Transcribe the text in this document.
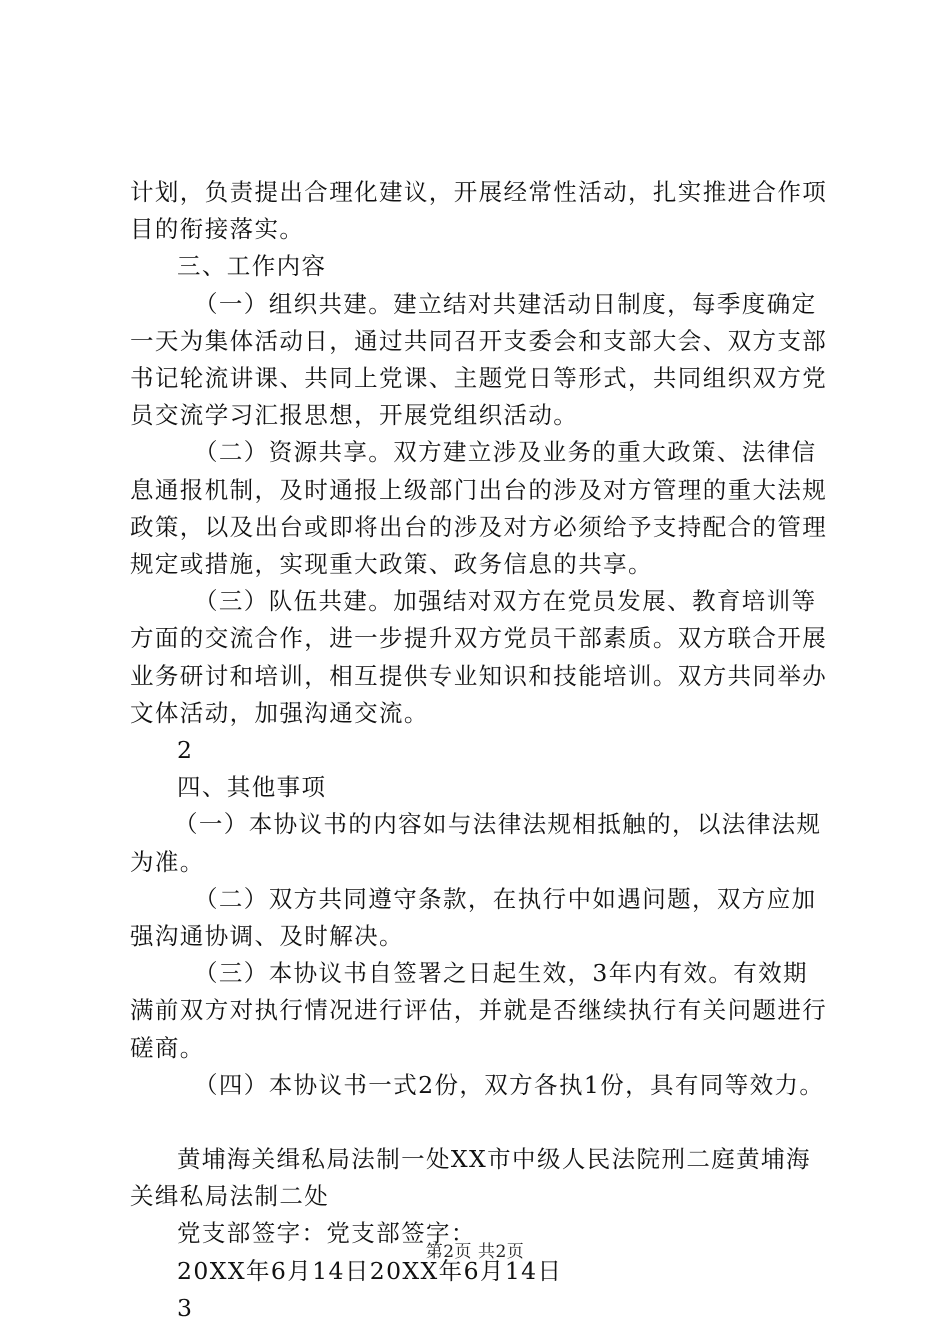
计划，负责提出合理化建议，开展经常性活动，扎实推进合作项目的衔接落实。

三、工作内容

（一）组织共建。建立结对共建活动日制度，每季度确定一天为集体活动日，通过共同召开支委会和支部大会、双方支部书记轮流讲课、共同上党课、主题党日等形式，共同组织双方党员交流学习汇报思想，开展党组织活动。

（二）资源共享。双方建立涉及业务的重大政策、法律信息通报机制，及时通报上级部门出台的涉及对方管理的重大法规政策，以及出台或即将出台的涉及对方必须给予支持配合的管理规定或措施，实现重大政策、政务信息的共享。

（三）队伍共建。加强结对双方在党员发展、教育培训等方面的交流合作，进一步提升双方党员干部素质。双方联合开展业务研讨和培训，相互提供专业知识和技能培训。双方共同举办文体活动，加强沟通交流。

2

四、其他事项

（一）本协议书的内容如与法律法规相抵触的，以法律法规为准。

（二）双方共同遵守条款，在执行中如遇问题，双方应加强沟通协调、及时解决。

（三）本协议书自签署之日起生效，3年内有效。有效期满前双方对执行情况进行评估，并就是否继续执行有关问题进行磋商。

（四）本协议书一式2份，双方各执1份，具有同等效力。

黄埔海关缉私局法制一处XX市中级人民法院刑二庭黄埔海关缉私局法制二处

党支部签字：党支部签字：

20XX年6月14日20XX年6月14日

3

第2页 共2页
